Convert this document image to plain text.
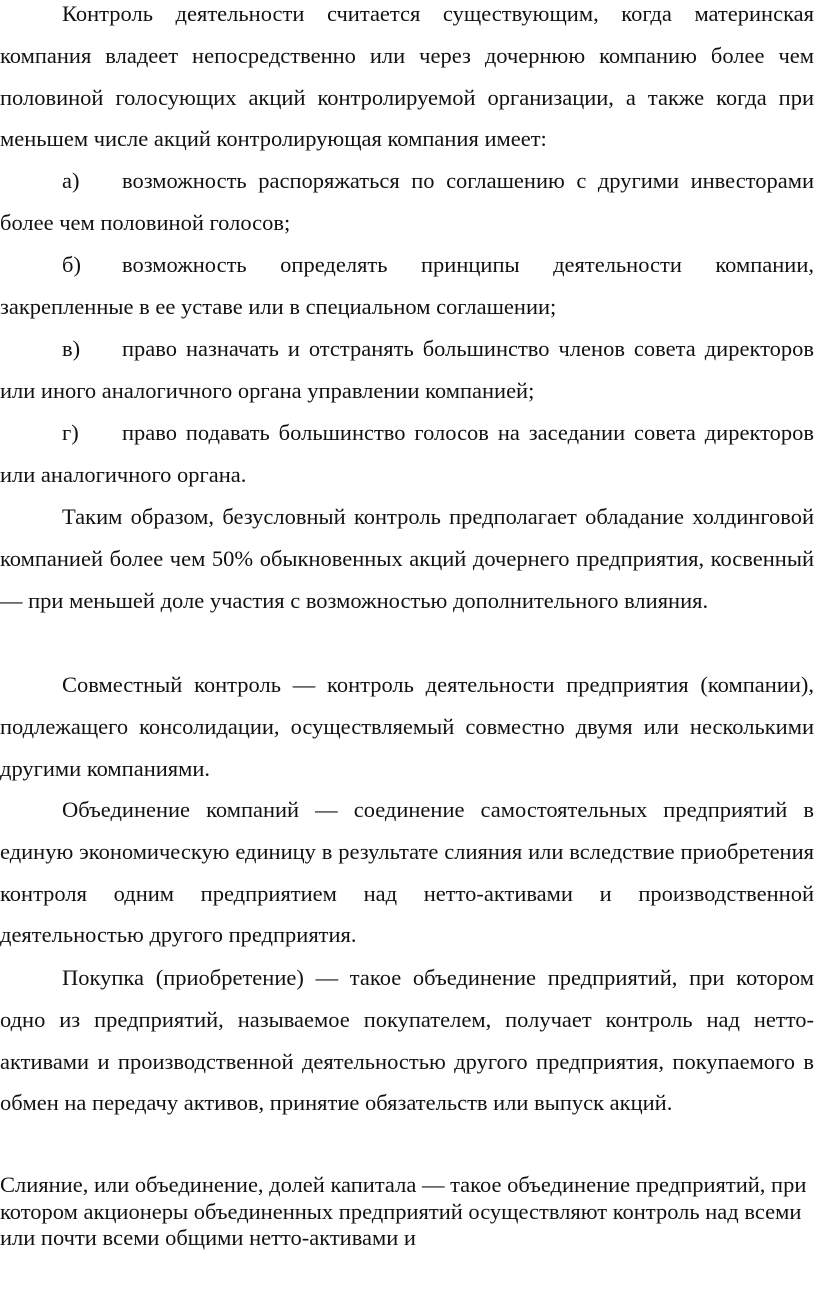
Контроль деятельности считается существующим, когда материнская компания владеет непосредственно или через дочернюю компанию более чем половиной голосующих акций контролируемой организации, а также когда при меньшем числе акций контролирующая компания имеет:

а) возможность распоряжаться по соглашению с другими инвесторами более чем половиной голосов;

б) возможность определять принципы деятельности компании, закрепленные в ее уставе или в специальном соглашении;

в) право назначать и отстранять большинство членов совета директоров или иного аналогичного органа управлении компанией;

г) право подавать большинство голосов на заседании совета директоров или аналогичного органа.

Таким образом, безусловный контроль предполагает обладание холдинговой компанией более чем 50% обыкновенных акций дочернего предприятия, косвенный — при меньшей доле участия с возможностью дополнительного влияния.

Совместный контроль — контроль деятельности предприятия (компании), подлежащего консолидации, осуществляемый совместно двумя или несколькими другими компаниями.

Объединение компаний — соединение самостоятельных предприятий в единую экономическую единицу в результате слияния или вследствие приобретения контроля одним предприятием над нетто-активами и производственной деятельностью другого предприятия.

Покупка (приобретение) — такое объединение предприятий, при котором одно из предприятий, называемое покупателем, получает контроль над нетто-активами и производственной деятельностью другого предприятия, покупаемого в обмен на передачу активов, принятие обязательств или выпуск акций.

Слияние, или объединение, долей капитала — такое объединение предприятий, при котором акционеры объединенных предприятий осуществляют контроль над всеми или почти всеми общими нетто-активами и
